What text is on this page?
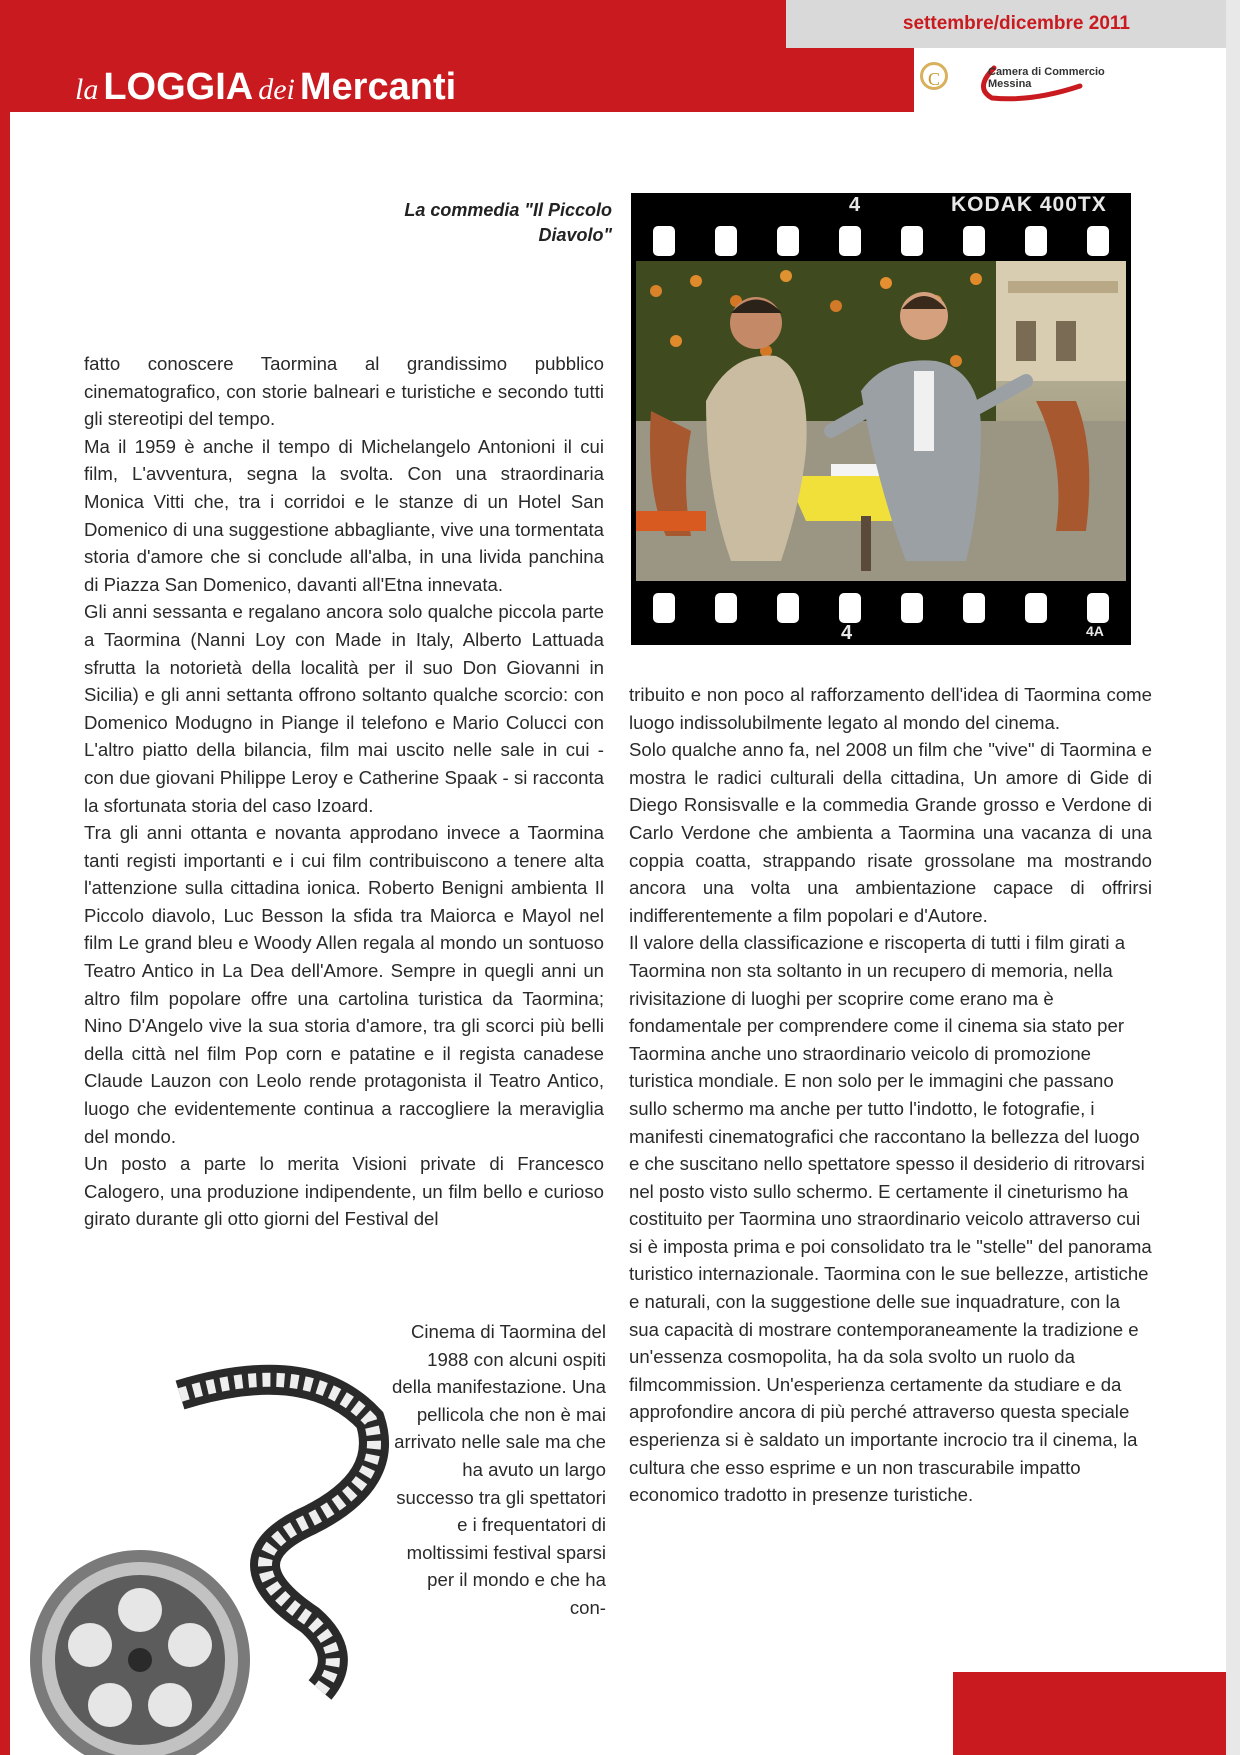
settembre/dicembre 2011
la LOGGIA dei Mercanti	C	Camera di Commercio
Messina
La commedia "Il Piccolo Diavolo"
4	KODAK 400TX
4	4A

fatto conoscere Taormina al grandissimo pubblico cinematografico, con storie balneari e turistiche e secondo tutti gli stereotipi del tempo.

Ma il 1959 è anche il tempo di Michelangelo Antonioni il cui film, L'avventura, segna la svolta. Con una straordinaria Monica Vitti che, tra i corridoi e le stanze di un Hotel San Domenico di una suggestione abbagliante, vive una tormentata storia d'amore che si conclude all'alba, in una livida panchina di Piazza San Domenico, davanti all'Etna innevata.

Gli anni sessanta e regalano ancora solo qualche piccola parte a Taormina (Nanni Loy con Made in Italy, Alberto Lattuada sfrutta la notorietà della località per il suo Don Giovanni in Sicilia) e gli anni settanta offrono soltanto qualche scorcio: con Domenico Modugno in Piange il telefono e Mario Colucci con L'altro piatto della bilancia, film mai uscito nelle sale in cui - con due giovani Philippe Leroy e Catherine Spaak - si racconta la sfortunata storia del caso Izoard.

Tra gli anni ottanta e novanta approdano invece a Taormina tanti registi importanti e i cui film contribuiscono a tenere alta l'attenzione sulla cittadina ionica. Roberto Benigni ambienta Il Piccolo diavolo, Luc Besson la sfida tra Maiorca e Mayol nel film Le grand bleu e Woody Allen regala al mondo un sontuoso Teatro Antico in La Dea dell'Amore. Sempre in quegli anni un altro film popolare offre una cartolina turistica da Taormina; Nino D'Angelo vive la sua storia d'amore, tra gli scorci più belli della città nel film Pop corn e patatine e il regista canadese Claude Lauzon con Leolo rende protagonista il Teatro Antico, luogo che evidentemente continua a raccogliere la meraviglia del mondo.

Un posto a parte lo merita Visioni private di Francesco Calogero, una produzione indipendente, un film bello e curioso girato durante gli otto giorni del Festival del

Cinema di Taormina del 1988 con alcuni ospiti della manifestazione. Una pellicola che non è mai arrivato nelle sale ma che ha avuto un largo successo tra gli spettatori e i frequentatori di moltissimi festival sparsi per il mondo e che ha con-

tribuito e non poco al rafforzamento dell'idea di Taormina come luogo indissolubilmente legato al mondo del cinema.

Solo qualche anno fa, nel 2008 un film che "vive" di Taormina e mostra le radici culturali della cittadina, Un amore di Gide di Diego Ronsisvalle e la commedia Grande grosso e Verdone di Carlo Verdone che ambienta a Taormina una vacanza di una coppia coatta, strappando risate grossolane ma mostrando ancora una volta una ambientazione capace di offrirsi indifferentemente a film popolari e d'Autore.

Il valore della classificazione e riscoperta di tutti i film girati a Taormina non sta soltanto in un recupero di memoria, nella rivisitazione di luoghi per scoprire come erano ma è fondamentale per comprendere come il cinema sia stato per Taormina anche uno straordinario veicolo di promozione turistica mondiale. E non solo per le immagini che passano sullo schermo ma anche per tutto l'indotto, le fotografie, i manifesti cinematografici che raccontano la bellezza del luogo e che suscitano nello spettatore spesso il desiderio di ritrovarsi nel posto visto sullo schermo. E certamente il cineturismo ha costituito per Taormina uno straordinario veicolo attraverso cui si è imposta prima e poi consolidato tra le "stelle" del panorama turistico internazionale. Taormina con le sue bellezze, artistiche e naturali, con la suggestione delle sue inquadrature, con la sua capacità di mostrare contemporaneamente la tradizione e un'essenza cosmopolita, ha da sola svolto un ruolo da filmcommission. Un'esperienza certamente da studiare e da approfondire ancora di più perché attraverso questa speciale esperienza si è saldato un importante incrocio tra il cinema, la cultura che esso esprime e un non trascurabile impatto economico tradotto in presenze turistiche.
